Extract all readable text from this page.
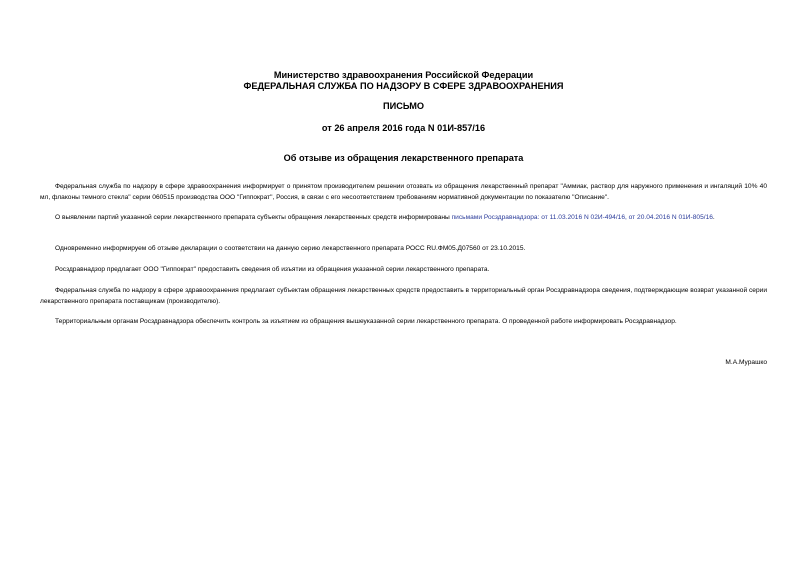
Министерство здравоохранения Российской Федерации
ФЕДЕРАЛЬНАЯ СЛУЖБА ПО НАДЗОРУ В СФЕРЕ ЗДРАВООХРАНЕНИЯ
ПИСЬМО
от 26 апреля 2016 года N 01И-857/16
Об отзыве из обращения лекарственного препарата

Федеральная служба по надзору в сфере здравоохранения информирует о принятом производителем решении отозвать из обращения лекарственный препарат "Аммиак, раствор для наружного применения и ингаляций 10% 40 мл, флаконы темного стекла" серии 060515 производства ООО "Гиппократ", Россия, в связи с его несоответствием требованиям нормативной документации по показателю "Описание".

О выявлении партий указанной серии лекарственного препарата субъекты обращения лекарственных средств информированы письмами Росздравнадзора: от 11.03.2016 N 02И-494/16, от 20.04.2016 N 01И-805/16.

Одновременно информируем об отзыве декларации о соответствии на данную серию лекарственного препарата РОСС RU.ФМ05.Д07560 от 23.10.2015.

Росздравнадзор предлагает ООО "Гиппократ" предоставить сведения об изъятии из обращения указанной серии лекарственного препарата.

Федеральная служба по надзору в сфере здравоохранения предлагает субъектам обращения лекарственных средств предоставить в территориальный орган Росздравнадзора сведения, подтверждающие возврат указанной серии лекарственного препарата поставщикам (производителю).

Территориальным органам Росздравнадзора обеспечить контроль за изъятием из обращения вышеуказанной серии лекарственного препарата. О проведенной работе информировать Росздравнадзор.

М.А.Мурашко
